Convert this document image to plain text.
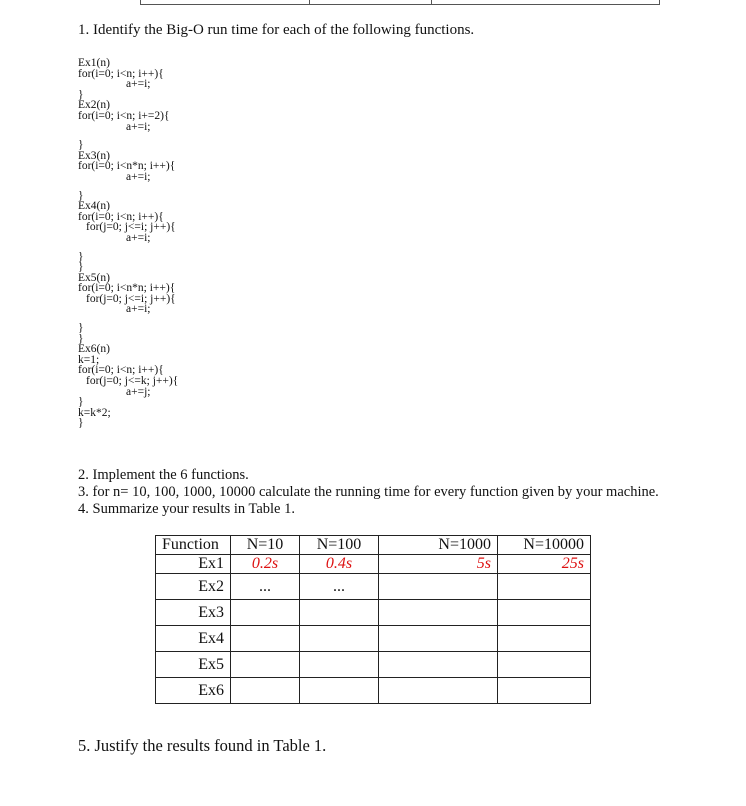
1. Identify the Big-O run time for each of the following functions.
Ex1(n)
for(i=0; i<n; i++){
a+=i;
}
Ex2(n)
for(i=0; i<n; i+=2){
a+=i;
}
Ex3(n)
for(i=0; i<n*n; i++){
a+=i;
}
Ex4(n)
for(i=0; i<n; i++){
for(j=0; j<=i; j++){
a+=i;
}
}
Ex5(n)
for(i=0; i<n*n; i++){
for(j=0; j<=i; j++){
a+=i;
}
}
Ex6(n)
k=1;
for(i=0; i<n; i++){
for(j=0; j<=k; j++){
a+=j;
}
k=k*2;
}
2. Implement the 6 functions.
3. for n= 10, 100, 1000, 10000 calculate the running time for every function given by your machine.
4. Summarize your results in Table 1.
Function	N=10	N=100	N=1000	N=10000
Ex1	0.2s	0.4s	5s	25s
Ex2	...	...		
Ex3				
Ex4				
Ex5				
Ex6				
5. Justify the results found in Table 1.
